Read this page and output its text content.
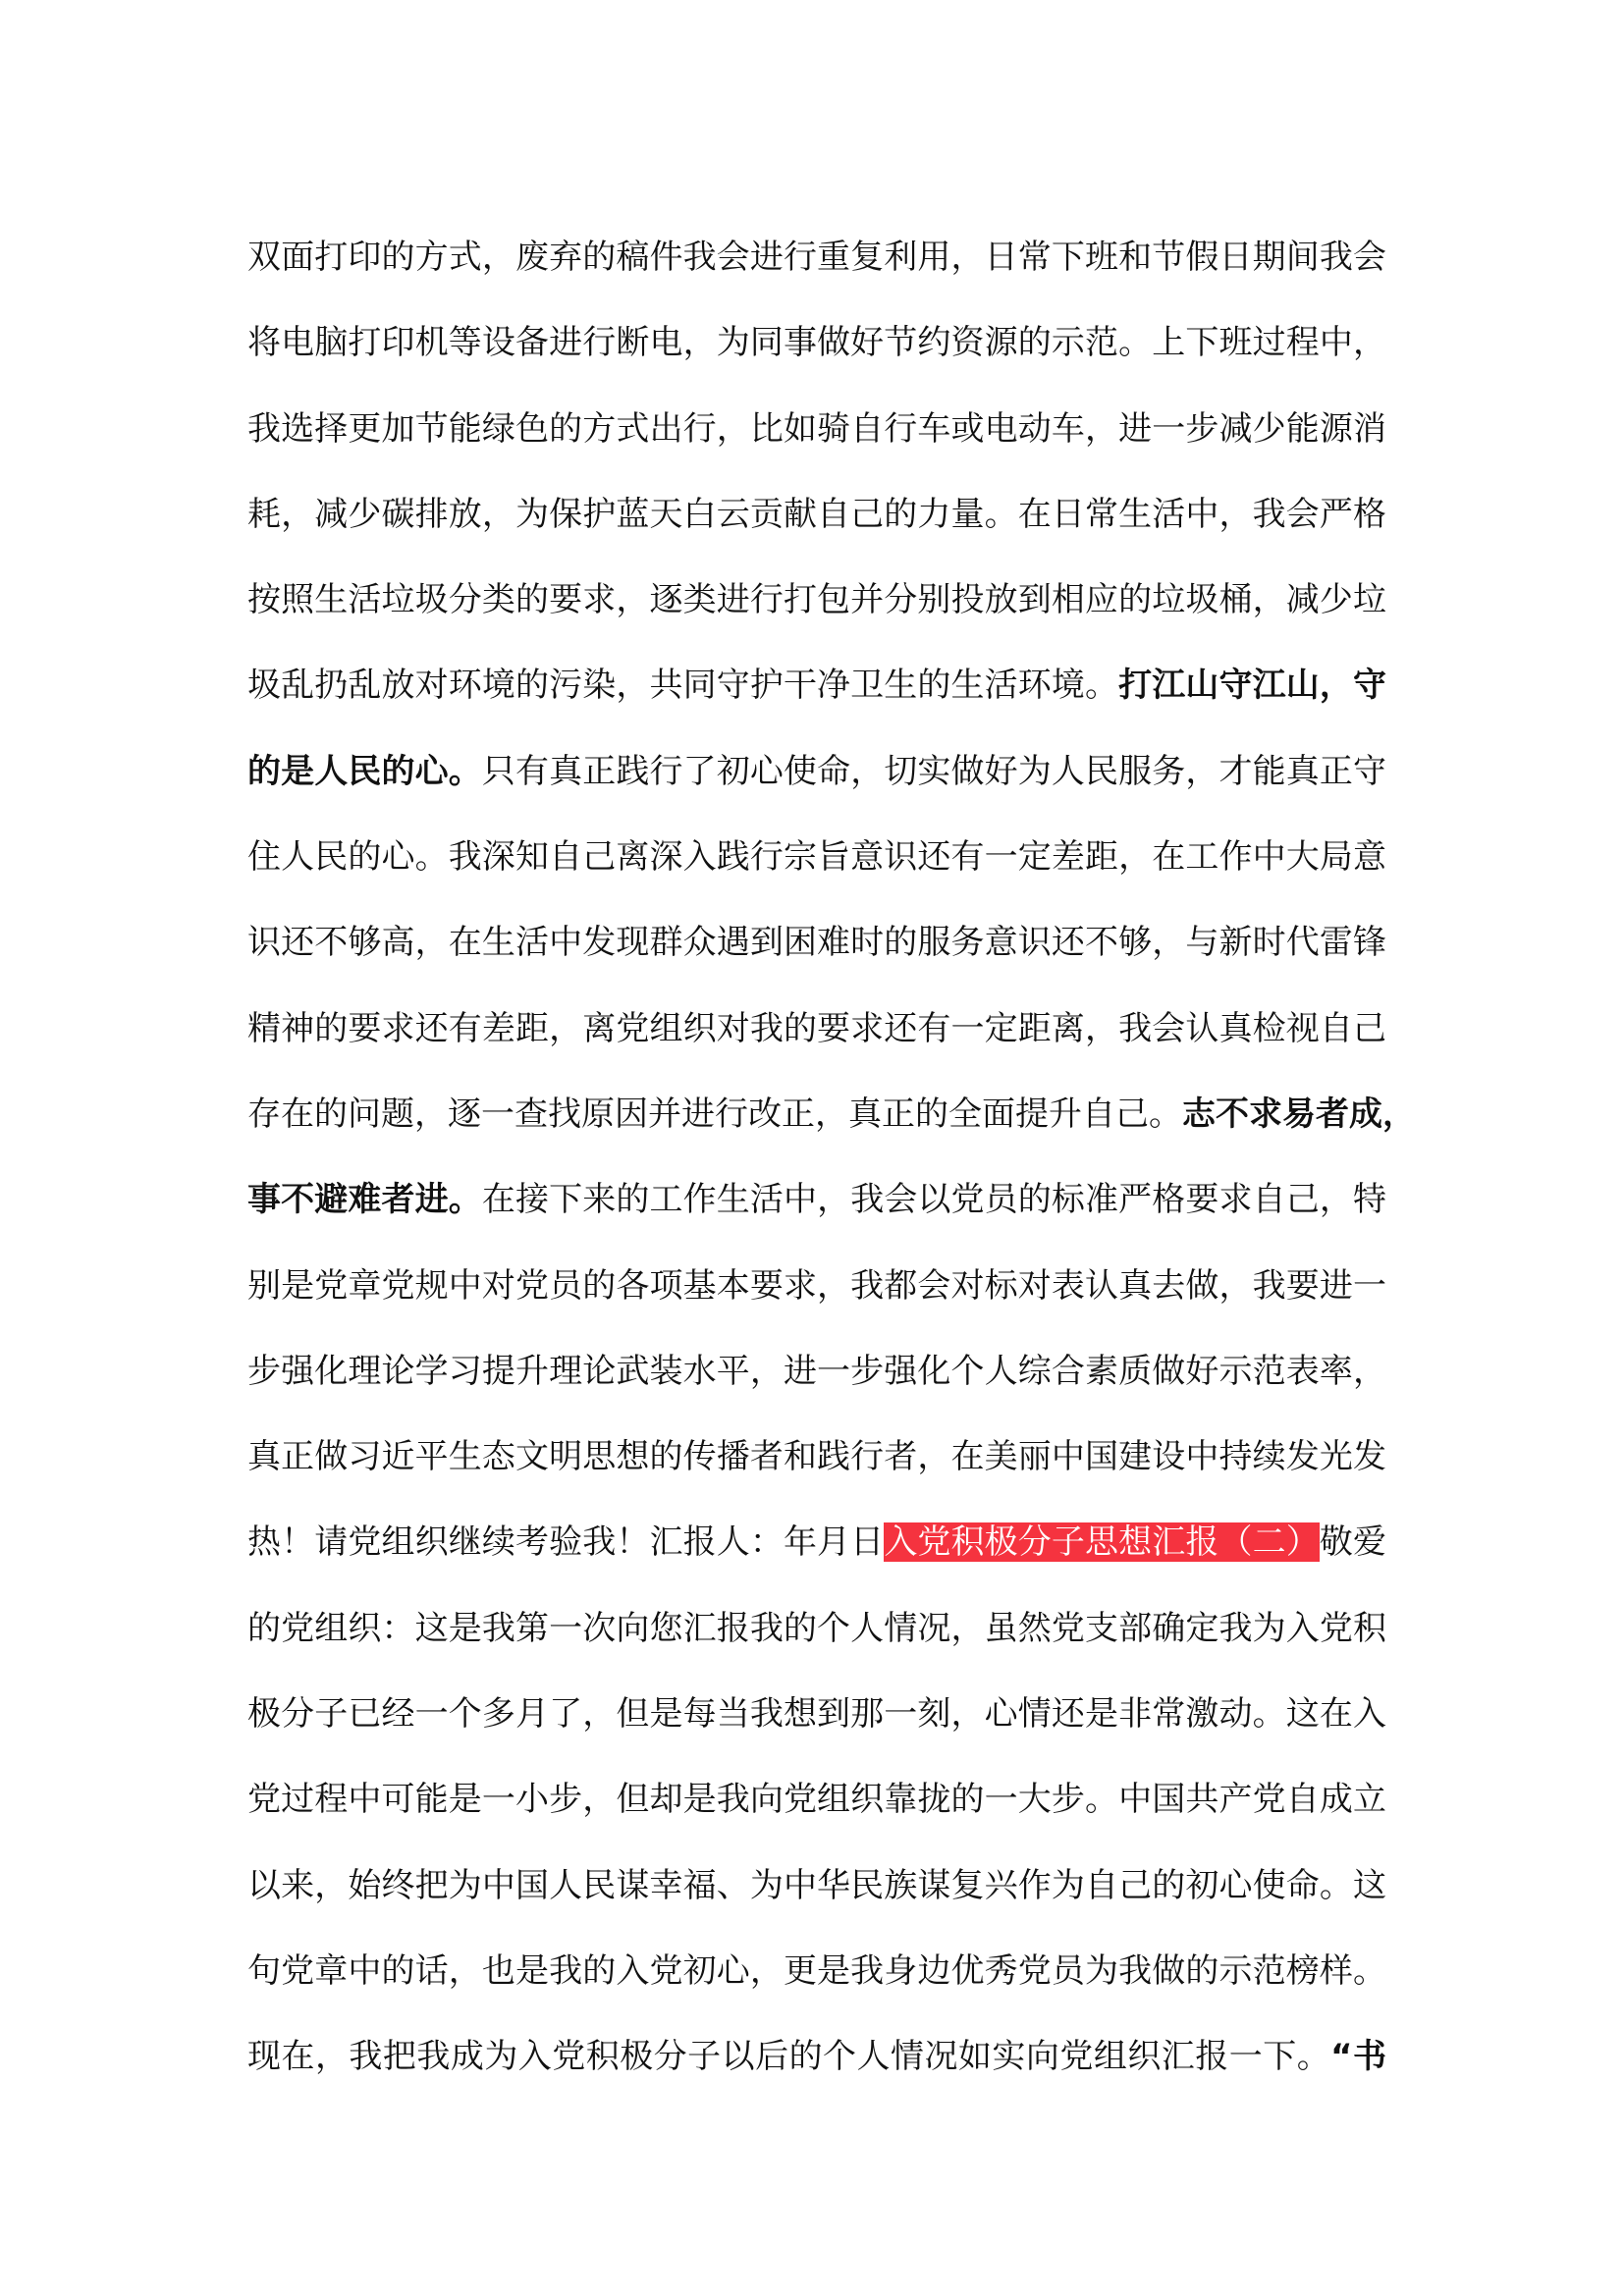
双面打印的方式，废弃的稿件我会进行重复利用，日常下班和节假日期间我会
将电脑打印机等设备进行断电，为同事做好节约资源的示范。上下班过程中，
我选择更加节能绿色的方式出行，比如骑自行车或电动车，进一步减少能源消
耗，减少碳排放，为保护蓝天白云贡献自己的力量。在日常生活中，我会严格
按照生活垃圾分类的要求，逐类进行打包并分别投放到相应的垃圾桶，减少垃
圾乱扔乱放对环境的污染，共同守护干净卫生的生活环境。打江山守江山，守
的是人民的心。只有真正践行了初心使命，切实做好为人民服务，才能真正守
住人民的心。我深知自己离深入践行宗旨意识还有一定差距，在工作中大局意
识还不够高，在生活中发现群众遇到困难时的服务意识还不够，与新时代雷锋
精神的要求还有差距，离党组织对我的要求还有一定距离，我会认真检视自己
存在的问题，逐一查找原因并进行改正，真正的全面提升自己。志不求易者成，
事不避难者进。在接下来的工作生活中，我会以党员的标准严格要求自己，特
别是党章党规中对党员的各项基本要求，我都会对标对表认真去做，我要进一
步强化理论学习提升理论武装水平，进一步强化个人综合素质做好示范表率，
真正做习近平生态文明思想的传播者和践行者，在美丽中国建设中持续发光发
热！请党组织继续考验我！汇报人：年月日入党积极分子思想汇报（二）敬爱
的党组织：这是我第一次向您汇报我的个人情况，虽然党支部确定我为入党积
极分子已经一个多月了，但是每当我想到那一刻，心情还是非常激动。这在入
党过程中可能是一小步，但却是我向党组织靠拢的一大步。中国共产党自成立
以来，始终把为中国人民谋幸福、为中华民族谋复兴作为自己的初心使命。这
句党章中的话，也是我的入党初心，更是我身边优秀党员为我做的示范榜样。
现在，我把我成为入党积极分子以后的个人情况如实向党组织汇报一下。“书
